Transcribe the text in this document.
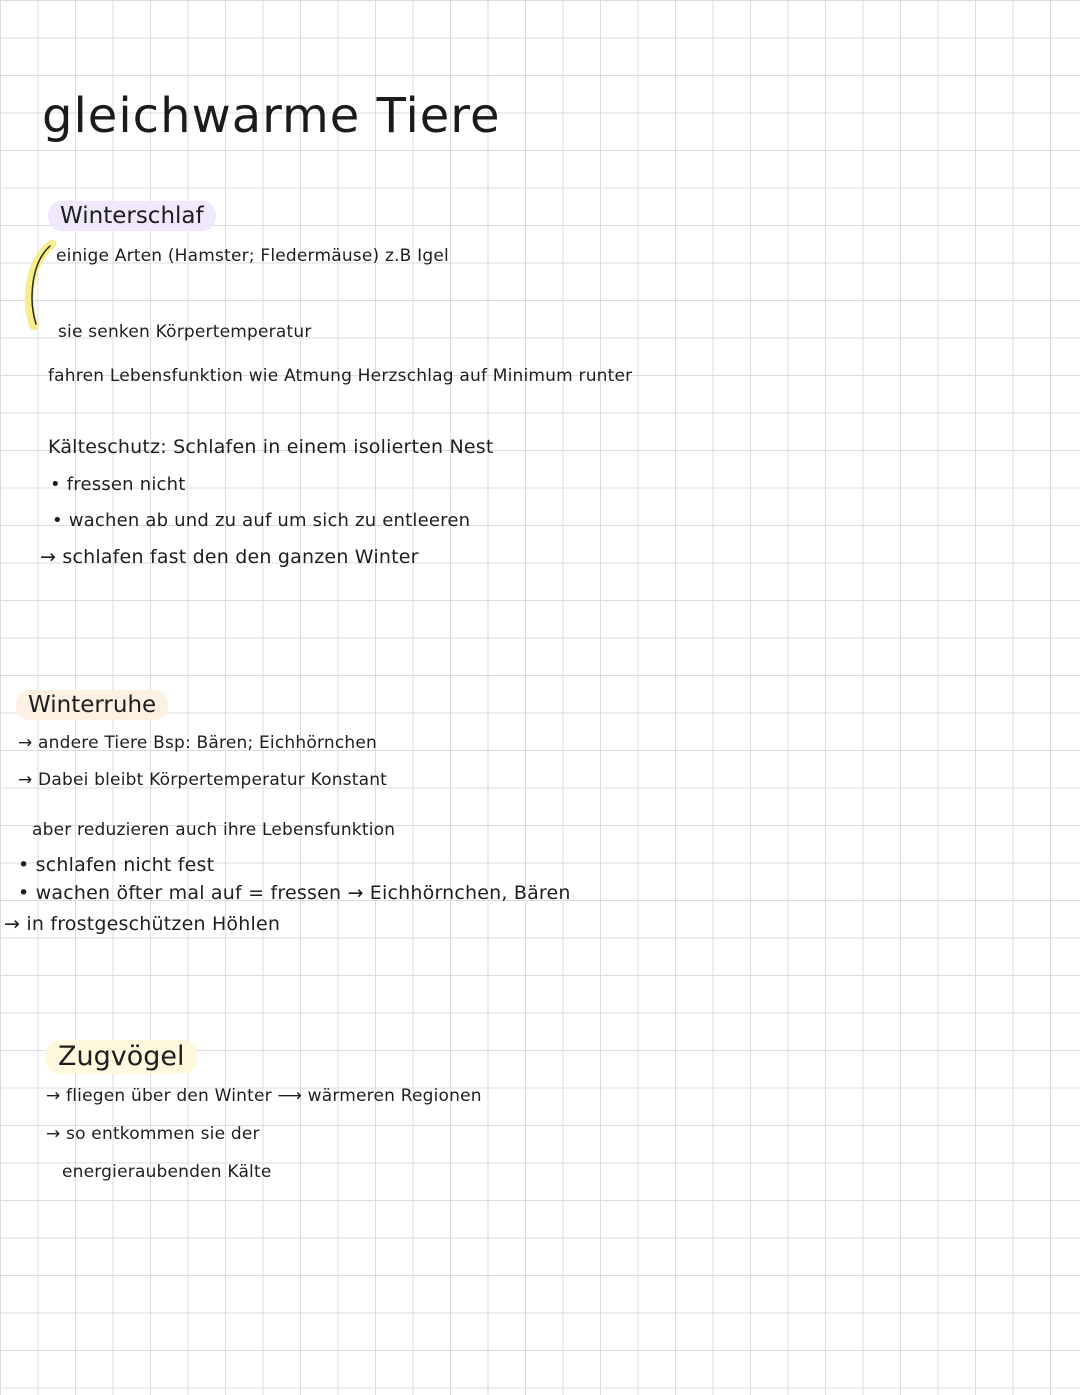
gleichwarme Tiere
Winterschlaf
einige Arten (Hamster; Fledermäuse) z.B Igel
sie senken Körpertemperatur
fahren Lebensfunktion wie Atmung Herzschlag auf Minimum runter
Kälteschutz: Schlafen in einem isolierten Nest
• fressen nicht
• wachen ab und zu auf um sich zu entleeren
→ schlafen fast den den ganzen Winter
Winterruhe
→ andere Tiere Bsp: Bären; Eichhörnchen
→ Dabei bleibt Körpertemperatur Konstant
aber reduzieren auch ihre Lebensfunktion
• schlafen nicht fest
• wachen öfter mal auf = fressen → Eichhörnchen, Bären
→ in frostgeschützen Höhlen
Zugvögel
→ fliegen über den Winter ⟶ wärmeren Regionen
→ so entkommen sie der
energieraubenden Kälte
